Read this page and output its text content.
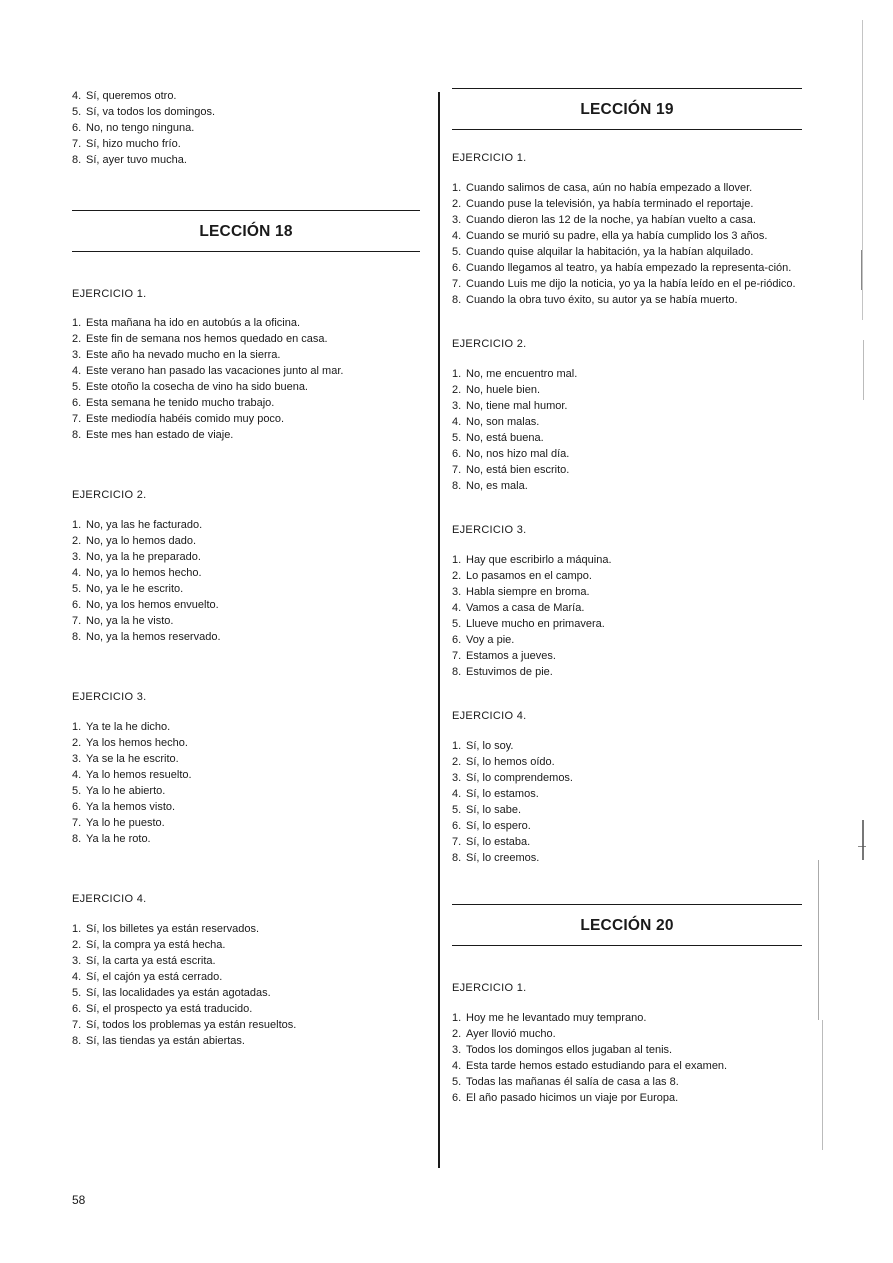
4. Sí, queremos otro.
5. Sí, va todos los domingos.
6. No, no tengo ninguna.
7. Sí, hizo mucho frío.
8. Sí, ayer tuvo mucha.
LECCIÓN 18

EJERCICIO 1.

1. Esta mañana ha ido en autobús a la oficina.
2. Este fin de semana nos hemos quedado en casa.
3. Este año ha nevado mucho en la sierra.
4. Este verano han pasado las vacaciones junto al mar.
5. Este otoño la cosecha de vino ha sido buena.
6. Esta semana he tenido mucho trabajo.
7. Este mediodía habéis comido muy poco.
8. Este mes han estado de viaje.

EJERCICIO 2.

1. No, ya las he facturado.
2. No, ya lo hemos dado.
3. No, ya la he preparado.
4. No, ya lo hemos hecho.
5. No, ya le he escrito.
6. No, ya los hemos envuelto.
7. No, ya la he visto.
8. No, ya la hemos reservado.

EJERCICIO 3.

1. Ya te la he dicho.
2. Ya los hemos hecho.
3. Ya se la he escrito.
4. Ya lo hemos resuelto.
5. Ya lo he abierto.
6. Ya la hemos visto.
7. Ya lo he puesto.
8. Ya la he roto.

EJERCICIO 4.

1. Sí, los billetes ya están reservados.
2. Sí, la compra ya está hecha.
3. Sí, la carta ya está escrita.
4. Sí, el cajón ya está cerrado.
5. Sí, las localidades ya están agotadas.
6. Sí, el prospecto ya está traducido.
7. Sí, todos los problemas ya están resueltos.
8. Sí, las tiendas ya están abiertas.
LECCIÓN 19

EJERCICIO 1.

1. Cuando salimos de casa, aún no había empezado a llover.
2. Cuando puse la televisión, ya había terminado el reportaje.
3. Cuando dieron las 12 de la noche, ya habían vuelto a casa.
4. Cuando se murió su padre, ella ya había cumplido los 3 años.
5. Cuando quise alquilar la habitación, ya la habían alquilado.
6. Cuando llegamos al teatro, ya había empezado la representa-​ción.
7. Cuando Luis me dijo la noticia, yo ya la había leído en el pe-​riódico.
8. Cuando la obra tuvo éxito, su autor ya se había muerto.

EJERCICIO 2.

1. No, me encuentro mal.
2. No, huele bien.
3. No, tiene mal humor.
4. No, son malas.
5. No, está buena.
6. No, nos hizo mal día.
7. No, está bien escrito.
8. No, es mala.

EJERCICIO 3.

1. Hay que escribirlo a máquina.
2. Lo pasamos en el campo.
3. Habla siempre en broma.
4. Vamos a casa de María.
5. Llueve mucho en primavera.
6. Voy a pie.
7. Estamos a jueves.
8. Estuvimos de pie.

EJERCICIO 4.

1. Sí, lo soy.
2. Sí, lo hemos oído.
3. Sí, lo comprendemos.
4. Sí, lo estamos.
5. Sí, lo sabe.
6. Sí, lo espero.
7. Sí, lo estaba.
8. Sí, lo creemos.
LECCIÓN 20

EJERCICIO 1.

1. Hoy me he levantado muy temprano.
2. Ayer llovió mucho.
3. Todos los domingos ellos jugaban al tenis.
4. Esta tarde hemos estado estudiando para el examen.
5. Todas las mañanas él salía de casa a las 8.
6. El año pasado hicimos un viaje por Europa.
58
